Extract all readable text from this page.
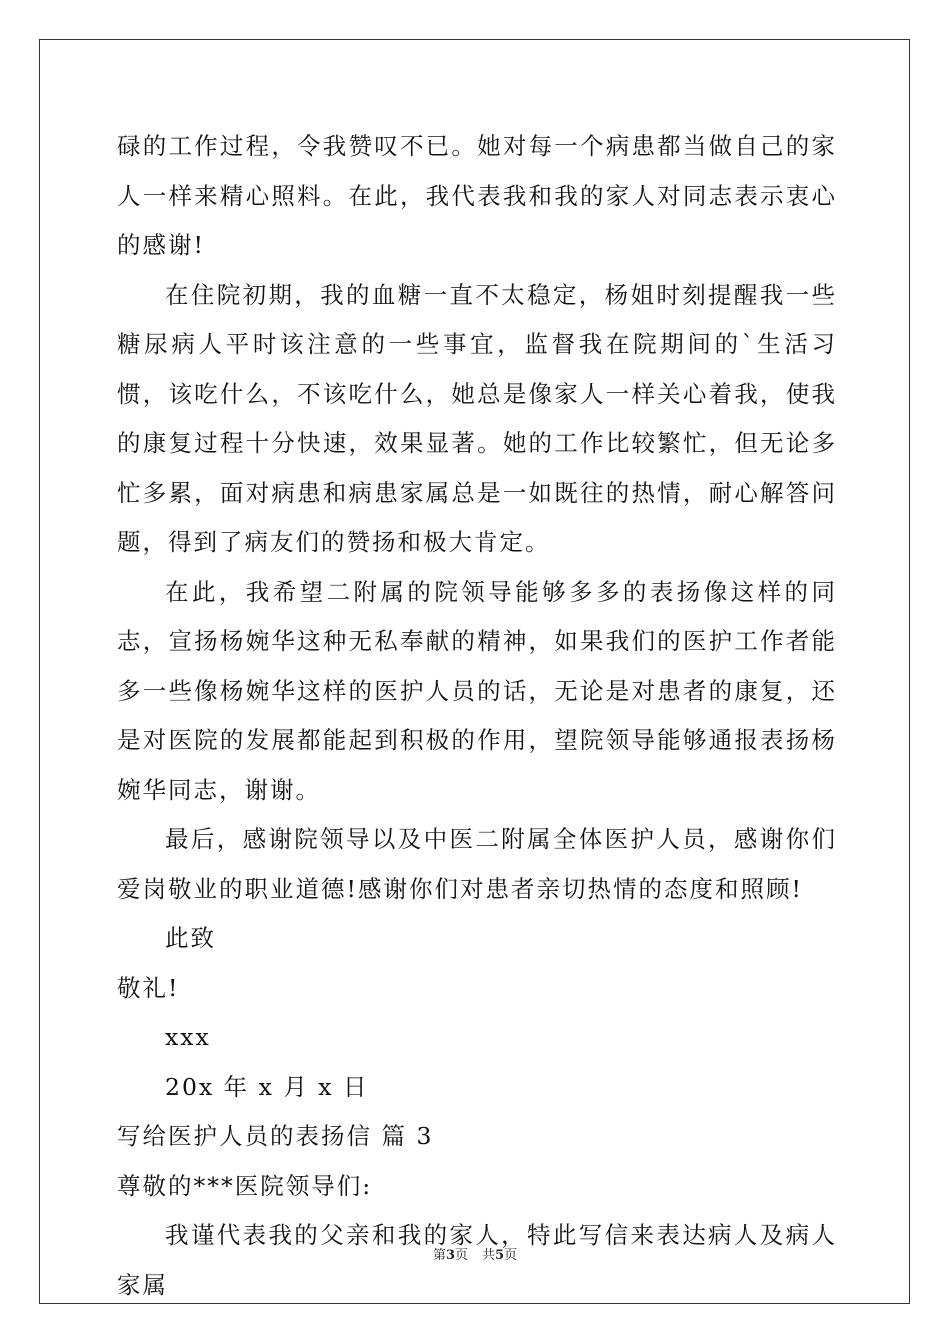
碌的工作过程，令我赞叹不已。她对每一个病患都当做自己的家人一样来精心照料。在此，我代表我和我的家人对同志表示衷心的感谢!

在住院初期，我的血糖一直不太稳定，杨姐时刻提醒我一些糖尿病人平时该注意的一些事宜，监督我在院期间的`生活习惯，该吃什么，不该吃什么，她总是像家人一样关心着我，使我的康复过程十分快速，效果显著。她的工作比较繁忙，但无论多忙多累，面对病患和病患家属总是一如既往的热情，耐心解答问题，得到了病友们的赞扬和极大肯定。

在此，我希望二附属的院领导能够多多的表扬像这样的同志，宣扬杨婉华这种无私奉献的精神，如果我们的医护工作者能多一些像杨婉华这样的医护人员的话，无论是对患者的康复，还是对医院的发展都能起到积极的作用，望院领导能够通报表扬杨婉华同志，谢谢。

最后，感谢院领导以及中医二附属全体医护人员，感谢你们爱岗敬业的职业道德!感谢你们对患者亲切热情的态度和照顾!

此致

敬礼!

xxx

20x 年 x 月 x 日

写给医护人员的表扬信 篇 3

尊敬的***医院领导们:

我谨代表我的父亲和我的家人，特此写信来表达病人及病人家属

第3页 共5页
